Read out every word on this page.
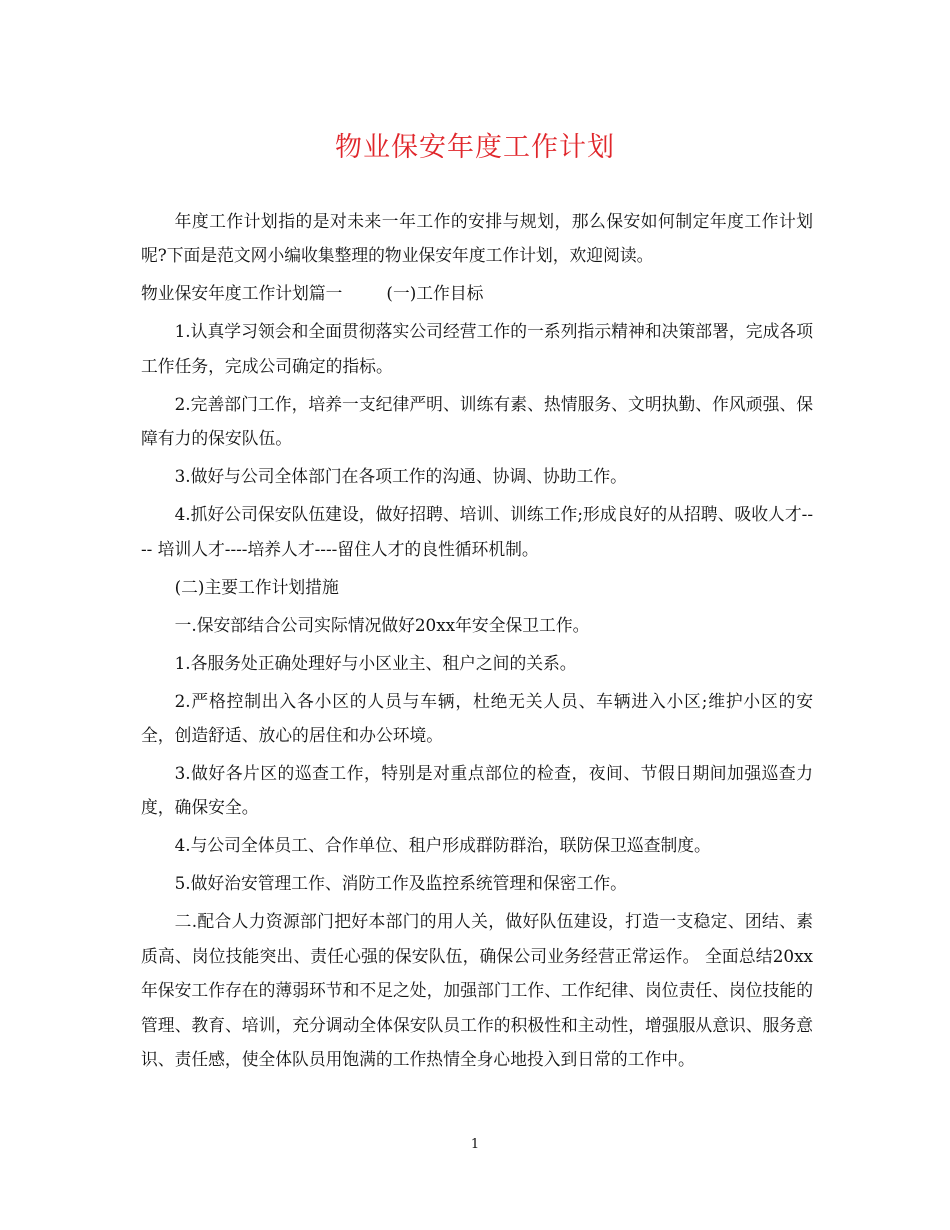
物业保安年度工作计划

年度工作计划指的是对未来一年工作的安排与规划，那么保安如何制定年度工作计划呢?下面是范文网小编收集整理的物业保安年度工作计划，欢迎阅读。

物业保安年度工作计划篇一	(一)工作目标

1.认真学习领会和全面贯彻落实公司经营工作的一系列指示精神和决策部署，完成各项工作任务，完成公司确定的指标。

2.完善部门工作，培养一支纪律严明、训练有素、热情服务、文明执勤、作风顽强、保障有力的保安队伍。

3.做好与公司全体部门在各项工作的沟通、协调、协助工作。

4.抓好公司保安队伍建设，做好招聘、培训、训练工作;形成良好的从招聘、吸收人才---- 培训人才----培养人才----留住人才的良性循环机制。

(二)主要工作计划措施

一.保安部结合公司实际情况做好20xx年安全保卫工作。

1.各服务处正确处理好与小区业主、租户之间的关系。

2.严格控制出入各小区的人员与车辆，杜绝无关人员、车辆进入小区;维护小区的安全，创造舒适、放心的居住和办公环境。

3.做好各片区的巡查工作，特别是对重点部位的检查，夜间、节假日期间加强巡查力度，确保安全。

4.与公司全体员工、合作单位、租户形成群防群治，联防保卫巡查制度。

5.做好治安管理工作、消防工作及监控系统管理和保密工作。

二.配合人力资源部门把好本部门的用人关，做好队伍建设，打造一支稳定、团结、素质高、岗位技能突出、责任心强的保安队伍，确保公司业务经营正常运作。 全面总结20xx年保安工作存在的薄弱环节和不足之处，加强部门工作、工作纪律、岗位责任、岗位技能的管理、教育、培训，充分调动全体保安队员工作的积极性和主动性，增强服从意识、服务意识、责任感，使全体队员用饱满的工作热情全身心地投入到日常的工作中。

1
